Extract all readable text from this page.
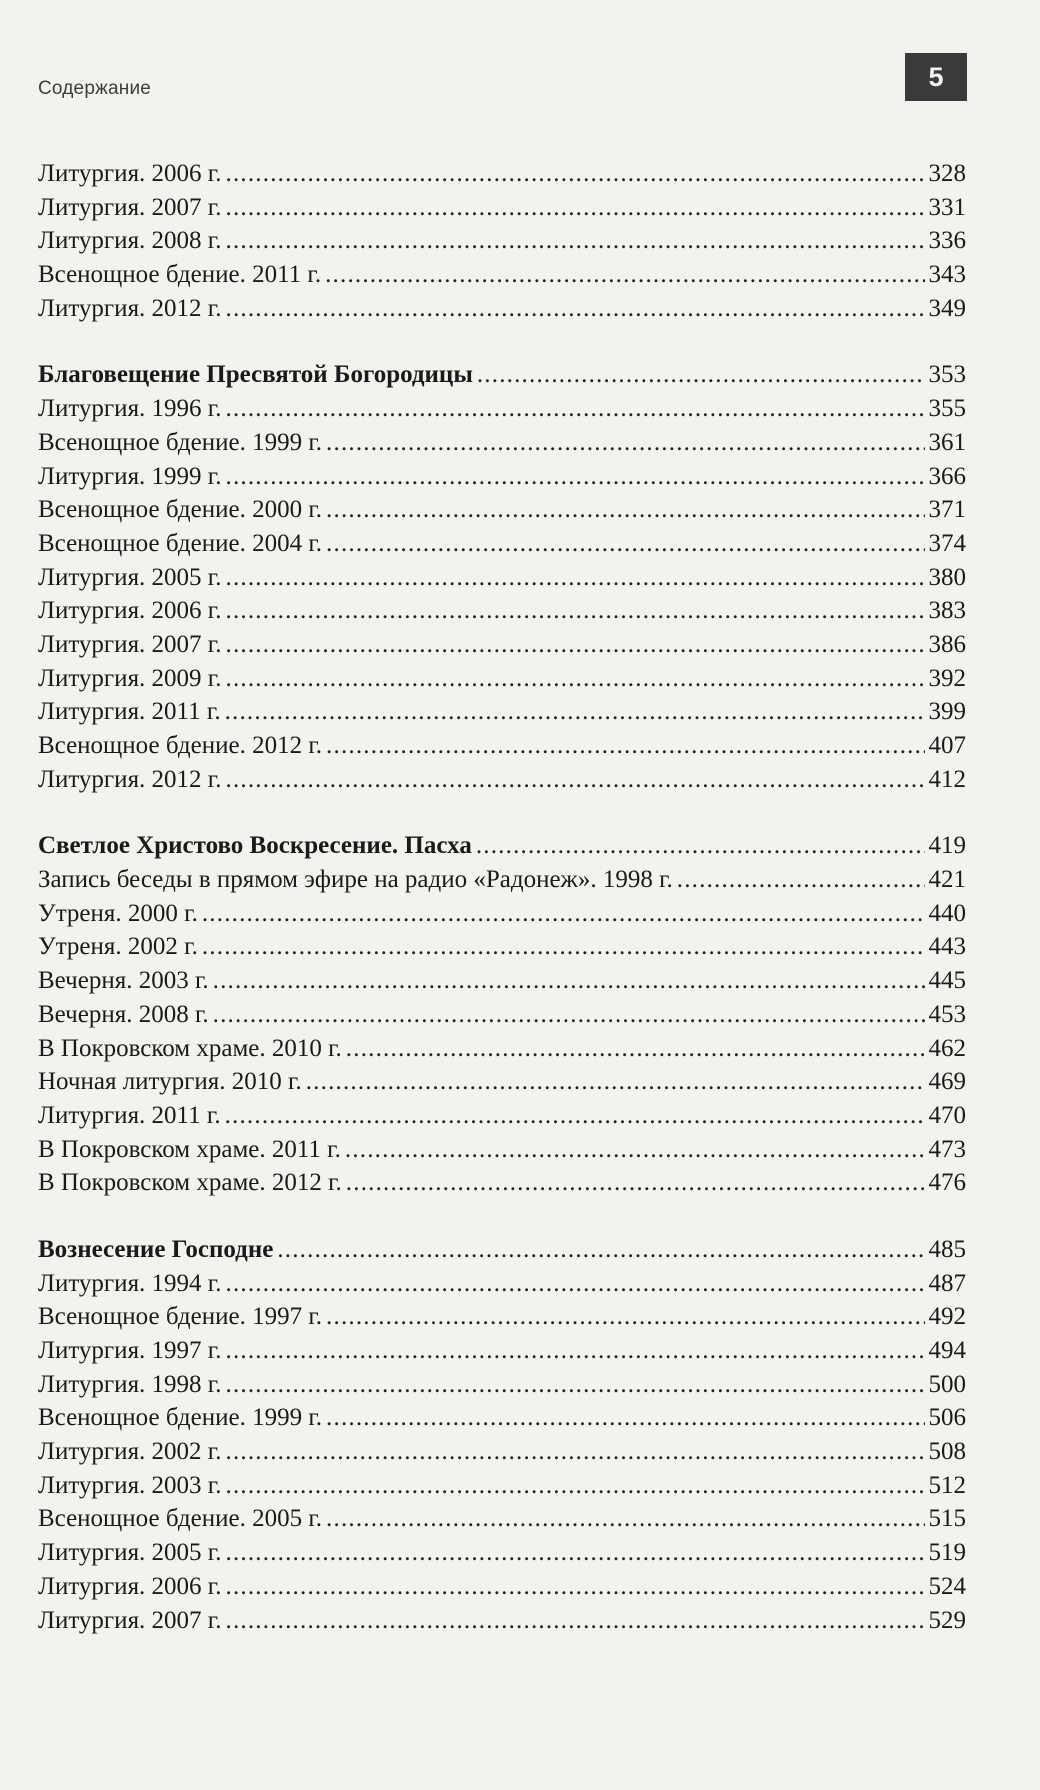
Содержание	5
Литургия. 2006 г. .....	328
Литургия. 2007 г. .....	331
Литургия. 2008 г. .....	336
Всенощное бдение. 2011 г. .....	343
Литургия. 2012 г. .....	349
Благовещение Пресвятой Богородицы .....	353
Литургия. 1996 г. .....	355
Всенощное бдение. 1999 г. .....	361
Литургия. 1999 г. .....	366
Всенощное бдение. 2000 г. .....	371
Всенощное бдение. 2004 г. .....	374
Литургия. 2005 г. .....	380
Литургия. 2006 г. .....	383
Литургия. 2007 г. .....	386
Литургия. 2009 г. .....	392
Литургия. 2011 г. .....	399
Всенощное бдение. 2012 г. .....	407
Литургия. 2012 г. .....	412
Светлое Христово Воскресение. Пасха .....	419
Запись беседы в прямом эфире на радио «Радонеж». 1998 г. .....	421
Утреня. 2000 г. .....	440
Утреня. 2002 г. .....	443
Вечерня. 2003 г. .....	445
Вечерня. 2008 г. .....	453
В Покровском храме. 2010 г. .....	462
Ночная литургия. 2010 г. .....	469
Литургия. 2011 г. .....	470
В Покровском храме. 2011 г. .....	473
В Покровском храме. 2012 г. .....	476
Вознесение Господне .....	485
Литургия. 1994 г. .....	487
Всенощное бдение. 1997 г. .....	492
Литургия. 1997 г. .....	494
Литургия. 1998 г. .....	500
Всенощное бдение. 1999 г. .....	506
Литургия. 2002 г. .....	508
Литургия. 2003 г. .....	512
Всенощное бдение. 2005 г. .....	515
Литургия. 2005 г. .....	519
Литургия. 2006 г. .....	524
Литургия. 2007 г. .....	529
